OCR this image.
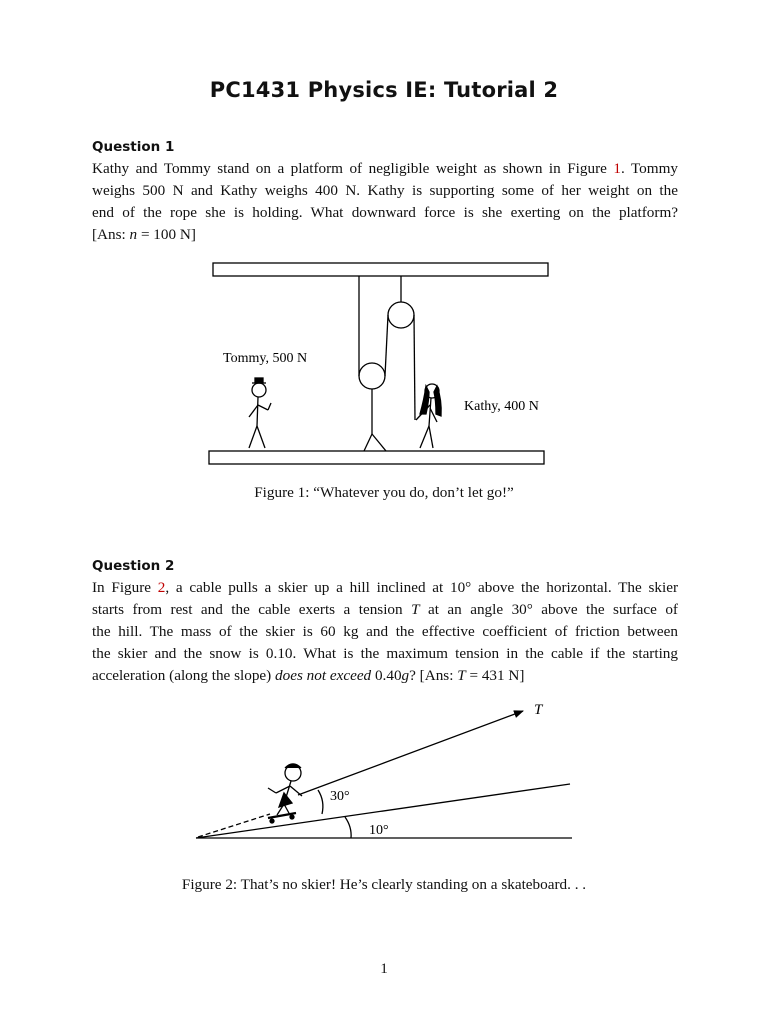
PC1431 Physics IE: Tutorial 2
Question 1
Kathy and Tommy stand on a platform of negligible weight as shown in Figure 1. Tommy
weighs 500 N and Kathy weighs 400 N. Kathy is supporting some of her weight on the
end of the rope she is holding. What downward force is she exerting on the platform?
[Ans: n = 100 N]
Tommy, 500 N
Kathy, 400 N
Figure 1: “Whatever you do, don’t let go!”
Question 2
In Figure 2, a cable pulls a skier up a hill inclined at 10° above the horizontal. The skier
starts from rest and the cable exerts a tension T at an angle 30° above the surface of
the hill. The mass of the skier is 60 kg and the effective coefficient of friction between
the skier and the snow is 0.10. What is the maximum tension in the cable if the starting
acceleration (along the slope) does not exceed 0.40g? [Ans: T = 431 N]
T
30°
10°
Figure 2: That’s no skier! He’s clearly standing on a skateboard. . .
1
